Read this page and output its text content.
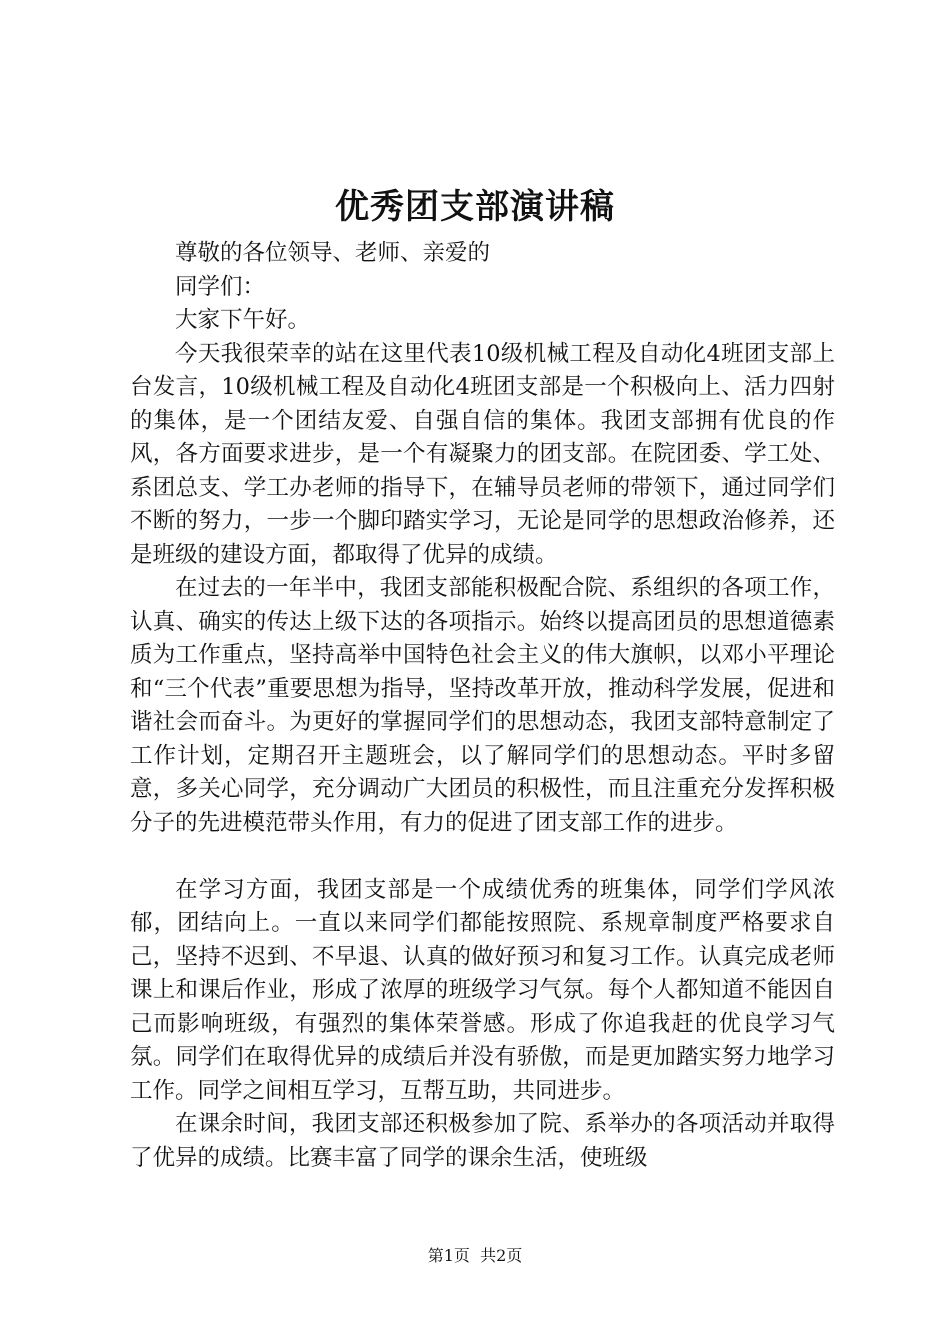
优秀团支部演讲稿

尊敬的各位领导、老师、亲爱的

同学们：

大家下午好。

今天我很荣幸的站在这里代表10级机械工程及自动化4班团支部上台发言，10级机械工程及自动化4班团支部是一个积极向上、活力四射的集体，是一个团结友爱、自强自信的集体。我团支部拥有优良的作风，各方面要求进步，是一个有凝聚力的团支部。在院团委、学工处、系团总支、学工办老师的指导下，在辅导员老师的带领下，通过同学们不断的努力，一步一个脚印踏实学习，无论是同学的思想政治修养，还是班级的建设方面，都取得了优异的成绩。

在过去的一年半中，我团支部能积极配合院、系组织的各项工作，认真、确实的传达上级下达的各项指示。始终以提高团员的思想道德素质为工作重点，坚持高举中国特色社会主义的伟大旗帜，以邓小平理论和“三个代表”重要思想为指导，坚持改革开放，推动科学发展，促进和谐社会而奋斗。为更好的掌握同学们的思想动态，我团支部特意制定了工作计划，定期召开主题班会，以了解同学们的思想动态。平时多留意，多关心同学，充分调动广大团员的积极性，而且注重充分发挥积极分子的先进模范带头作用，有力的促进了团支部工作的进步。

在学习方面，我团支部是一个成绩优秀的班集体，同学们学风浓郁，团结向上。一直以来同学们都能按照院、系规章制度严格要求自己，坚持不迟到、不早退、认真的做好预习和复习工作。认真完成老师课上和课后作业，形成了浓厚的班级学习气氛。每个人都知道不能因自己而影响班级，有强烈的集体荣誉感。形成了你追我赶的优良学习气氛。同学们在取得优异的成绩后并没有骄傲，而是更加踏实努力地学习工作。同学之间相互学习，互帮互助，共同进步。

在课余时间，我团支部还积极参加了院、系举办的各项活动并取得了优异的成绩。比赛丰富了同学的课余生活，使班级

第1页 共2页
